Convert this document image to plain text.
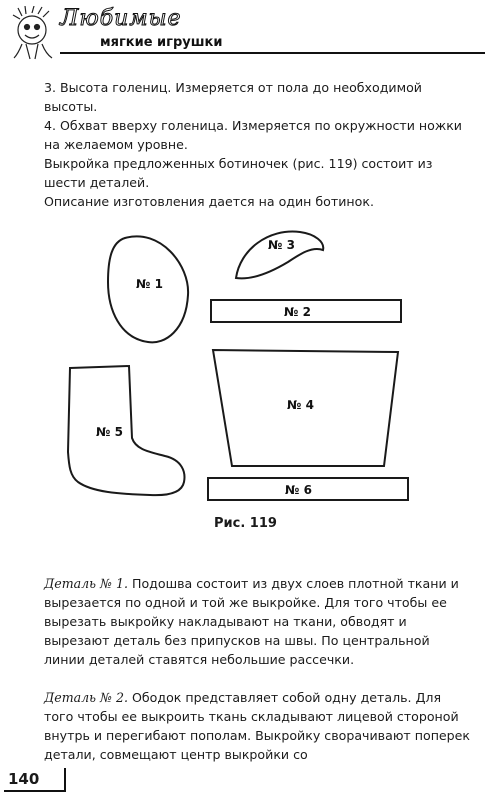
Любимые
мягкие игрушки

3. Высота голениц. Измеряется от пола до необходимой высоты.

4. Обхват вверху голеница. Измеряется по окружности ножки на желаемом уровне.

Выкройка предложенных ботиночек (рис. 119) состоит из шести деталей.

Описание изготовления дается на один ботинок.

№ 1
№ 3
№ 2
№ 4
№ 5
№ 6
Рис. 119

Деталь № 1. Подошва состоит из двух слоев плотной ткани и вырезается по одной и той же выкройке. Для того чтобы ее вырезать выкройку накладывают на ткани, обводят и вырезают деталь без припусков на швы. По центральной линии деталей ставятся небольшие рассечки.

Деталь № 2. Ободок представляет собой одну деталь. Для того чтобы ее выкроить ткань складывают лицевой стороной внутрь и перегибают пополам. Выкройку сворачивают поперек детали, совмещают центр выкройки со

140
